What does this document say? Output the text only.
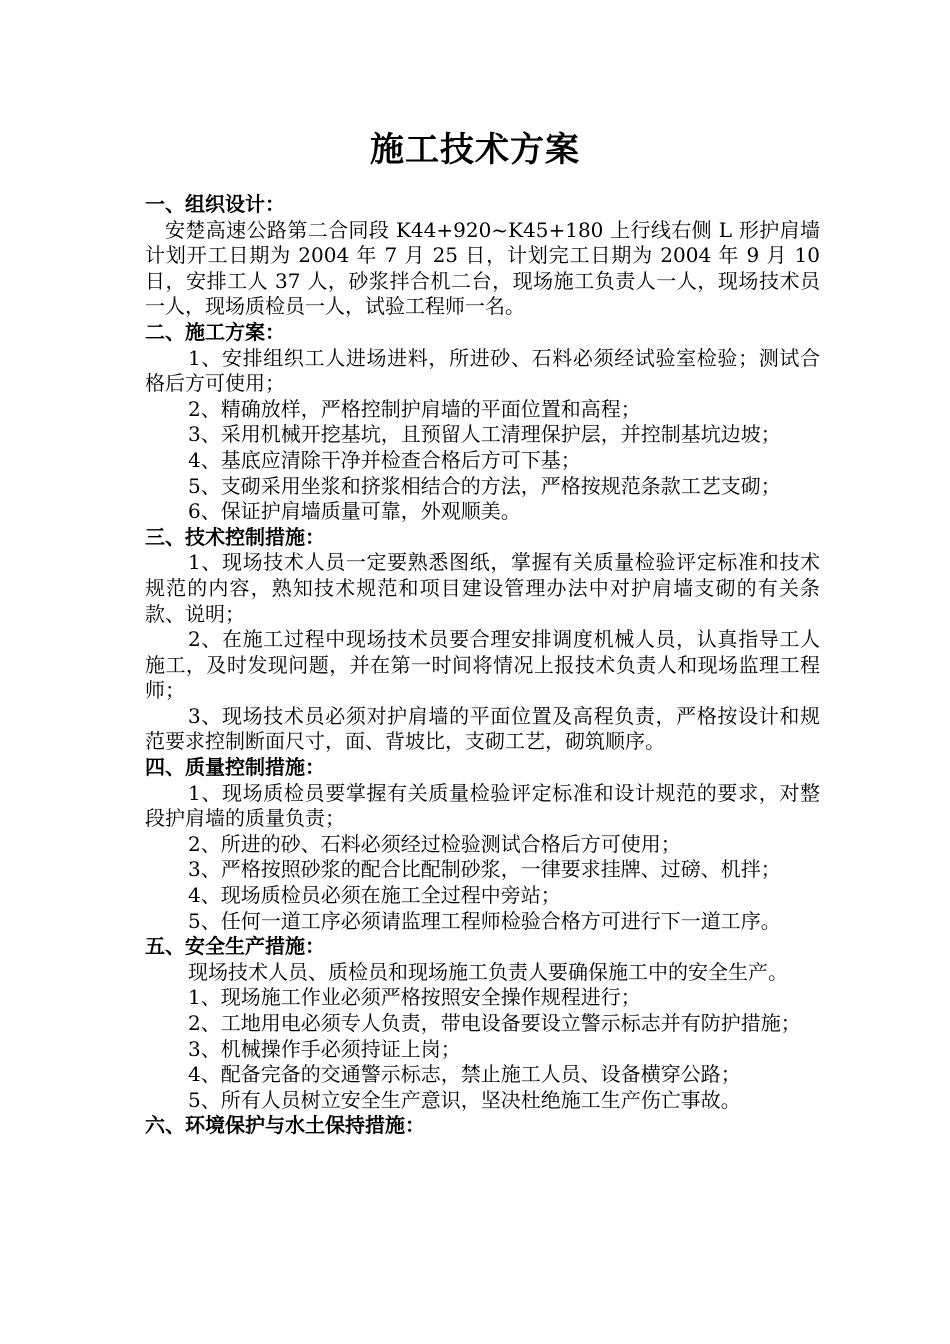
施工技术方案

一、组织设计：

安楚高速公路第二合同段 K44+920~K45+180 上行线右侧 L 形护肩墙计划开工日期为 2004 年 7 月 25 日，计划完工日期为 2004 年 9 月 10 日，安排工人 37 人，砂浆拌合机二台，现场施工负责人一人，现场技术员一人，现场质检员一人，试验工程师一名。

二、施工方案：

1、安排组织工人进场进料，所进砂、石料必须经试验室检验；测试合格后方可使用；

2、精确放样，严格控制护肩墙的平面位置和高程；

3、采用机械开挖基坑，且预留人工清理保护层，并控制基坑边坡；

4、基底应清除干净并检查合格后方可下基；

5、支砌采用坐浆和挤浆相结合的方法，严格按规范条款工艺支砌；

6、保证护肩墙质量可靠，外观顺美。

三、技术控制措施：

1、现场技术人员一定要熟悉图纸，掌握有关质量检验评定标准和技术规范的内容，熟知技术规范和项目建设管理办法中对护肩墙支砌的有关条款、说明；

2、在施工过程中现场技术员要合理安排调度机械人员，认真指导工人施工，及时发现问题，并在第一时间将情况上报技术负责人和现场监理工程师；

3、现场技术员必须对护肩墙的平面位置及高程负责，严格按设计和规范要求控制断面尺寸，面、背坡比，支砌工艺，砌筑顺序。

四、质量控制措施：

1、现场质检员要掌握有关质量检验评定标准和设计规范的要求，对整段护肩墙的质量负责；

2、所进的砂、石料必须经过检验测试合格后方可使用；

3、严格按照砂浆的配合比配制砂浆，一律要求挂牌、过磅、机拌；

4、现场质检员必须在施工全过程中旁站；

5、任何一道工序必须请监理工程师检验合格方可进行下一道工序。

五、安全生产措施：

现场技术人员、质检员和现场施工负责人要确保施工中的安全生产。

1、现场施工作业必须严格按照安全操作规程进行；

2、工地用电必须专人负责，带电设备要设立警示标志并有防护措施；

3、机械操作手必须持证上岗；

4、配备完备的交通警示标志，禁止施工人员、设备横穿公路；

5、所有人员树立安全生产意识，坚决杜绝施工生产伤亡事故。

六、环境保护与水土保持措施：
